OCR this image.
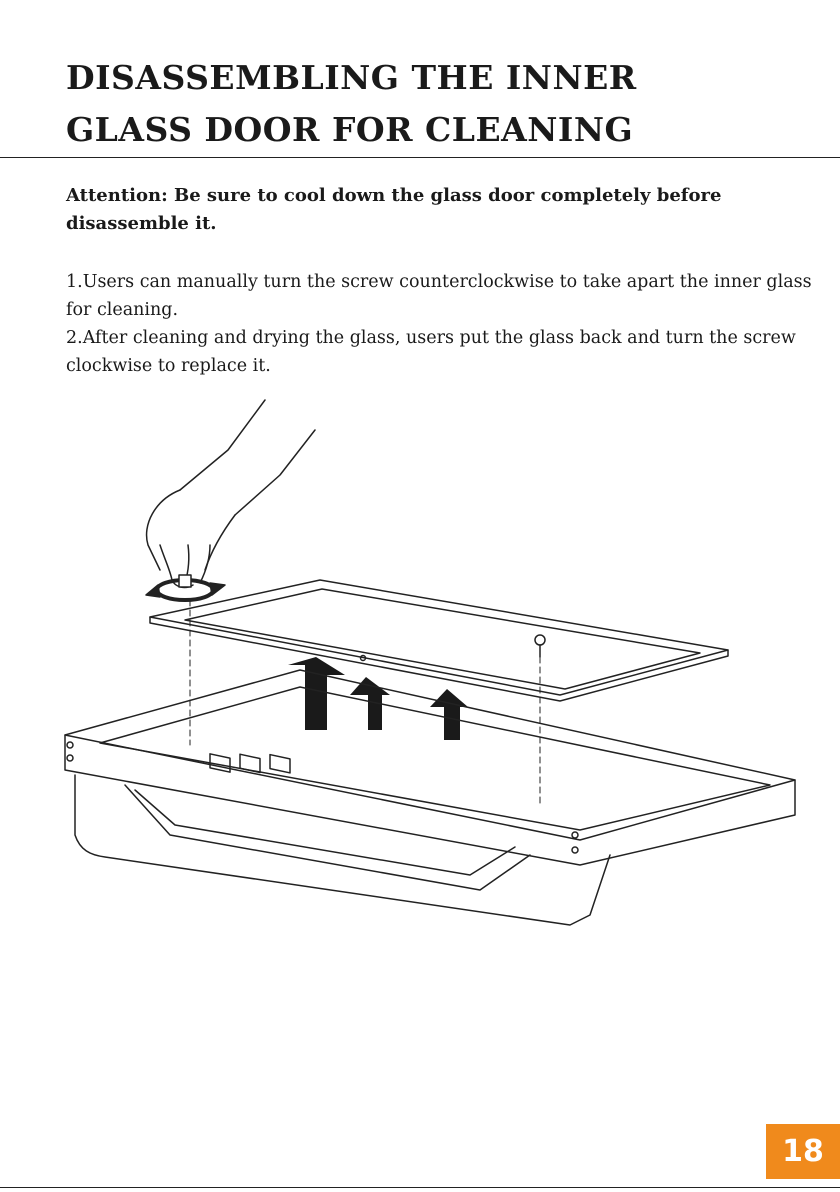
DISASSEMBLING THE INNER
GLASS DOOR FOR CLEANING

Attention: Be sure to cool down the glass door completely before disassemble it.

1.Users can manually turn the screw counterclockwise to take apart the inner glass for cleaning.

2.After cleaning and drying the glass, users put the glass back and turn the screw clockwise to replace it.

18
